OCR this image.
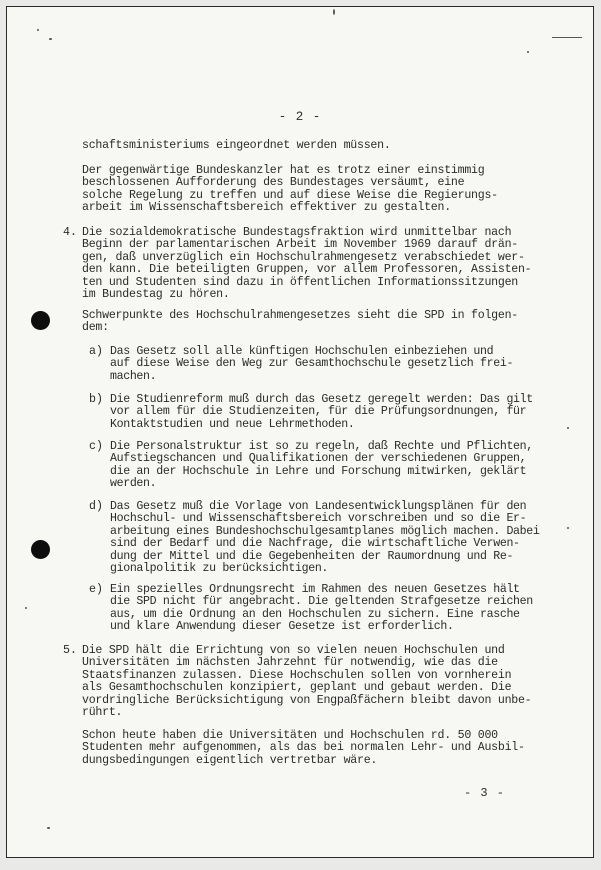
- 2 -
schaftsministeriums eingeordnet werden müssen.
Der gegenwärtige Bundeskanzler hat es trotz einer einstimmig
beschlossenen Aufforderung des Bundestages versäumt, eine
solche Regelung zu treffen und auf diese Weise die Regierungs-
arbeit im Wissenschaftsbereich effektiver zu gestalten.
4. Die sozialdemokratische Bundestagsfraktion wird unmittelbar nach
Beginn der parlamentarischen Arbeit im November 1969 darauf drän-
gen, daß unverzüglich ein Hochschulrahmengesetz verabschiedet wer-
den kann. Die beteiligten Gruppen, vor allem Professoren, Assisten-
ten und Studenten sind dazu in öffentlichen Informationssitzungen
im Bundestag zu hören.
Schwerpunkte des Hochschulrahmengesetzes sieht die SPD in folgen-
dem:
a) Das Gesetz soll alle künftigen Hochschulen einbeziehen und
auf diese Weise den Weg zur Gesamthochschule gesetzlich frei-
machen.
b) Die Studienreform muß durch das Gesetz geregelt werden: Das gilt
vor allem für die Studienzeiten, für die Prüfungsordnungen, für
Kontaktstudien und neue Lehrmethoden.
c) Die Personalstruktur ist so zu regeln, daß Rechte und Pflichten,
Aufstiegschancen und Qualifikationen der verschiedenen Gruppen,
die an der Hochschule in Lehre und Forschung mitwirken, geklärt
werden.
d) Das Gesetz muß die Vorlage von Landesentwicklungsplänen für den
Hochschul- und Wissenschaftsbereich vorschreiben und so die Er-
arbeitung eines Bundeshochschulgesamtplanes möglich machen. Dabei
sind der Bedarf und die Nachfrage, die wirtschaftliche Verwen-
dung der Mittel und die Gegebenheiten der Raumordnung und Re-
gionalpolitik zu berücksichtigen.
e) Ein spezielles Ordnungsrecht im Rahmen des neuen Gesetzes hält
die SPD nicht für angebracht. Die geltenden Strafgesetze reichen
aus, um die Ordnung an den Hochschulen zu sichern. Eine rasche
und klare Anwendung dieser Gesetze ist erforderlich.
5. Die SPD hält die Errichtung von so vielen neuen Hochschulen und
Universitäten im nächsten Jahrzehnt für notwendig, wie das die
Staatsfinanzen zulassen. Diese Hochschulen sollen von vornherein
als Gesamthochschulen konzipiert, geplant und gebaut werden. Die
vordringliche Berücksichtigung von Engpaßfächern bleibt davon unbe-
rührt.
Schon heute haben die Universitäten und Hochschulen rd. 50 000
Studenten mehr aufgenommen, als das bei normalen Lehr- und Ausbil-
dungsbedingungen eigentlich vertretbar wäre.
- 3 -
